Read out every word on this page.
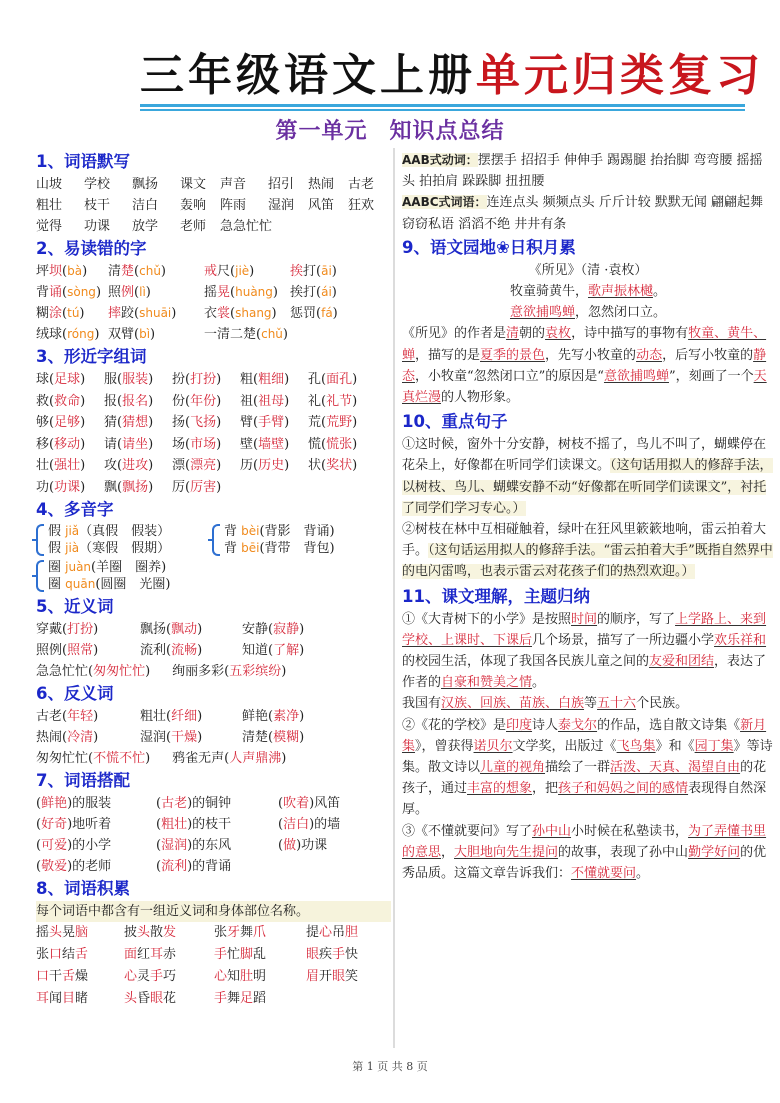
三年级语文上册单元归类复习
第一单元 知识点总结
1、词语默写
山坡	学校	飘扬	课文	声音	招引	热闹	古老
粗壮	枝干	洁白	轰响	阵雨	湿润	风笛	狂欢
觉得	功课	放学	老师	急急忙忙
2、易读错的字
坪坝(bà)	清楚(chǔ)	戒尺(jiè)	挨打(āi)
背诵(sòng) 照例(lì)	摇晃(huàng) 挨打(ái)
糊涂(tú)	摔跤(shuāi)	衣裳(shang)	惩罚(fá)
绒球(róng) 双臂(bì)	一清二楚(chǔ)
3、形近字组词
球(足球)	服(服装)	扮(打扮)	粗(粗细)	孔(面孔)
救(救命)	报(报名)	份(年份)	祖(祖母)	礼(礼节)
够(足够)	猜(猜想)	扬(飞扬)	臂(手臂)	荒(荒野)
移(移动)	请(请坐)	场(市场)	壁(墙壁)	慌(慌张)
壮(强壮)	攻(进攻)	漂(漂亮)	历(历史)	状(奖状)
功(功课)	飘(飘扬)	厉(厉害)
4、多音字
假 jiǎ（真假　假装）
假 jià（寒假　假期）
背 bèi(背影　背诵)
背 bēi(背带　背包)
圈 juàn(羊圈　圈养)
圈 quān(圆圈　光圈)
5、近义词
穿戴(打扮)	飘扬(飘动)	安静(寂静)
照例(照常)	流利(流畅)	知道(了解)
急急忙忙(匆匆忙忙) 绚丽多彩(五彩缤纷)
6、反义词
古老(年轻)	粗壮(纤细)	鲜艳(素净)
热闹(冷清)	湿润(干燥)	清楚(模糊)
匆匆忙忙(不慌不忙) 鸦雀无声(人声鼎沸)
7、词语搭配
(鲜艳)的服装	(古老)的铜钟	(吹着)风笛
(好奇)地听着	(粗壮)的枝干	(洁白)的墙
(可爱)的小学	(湿润)的东风	(做)功课
(敬爱)的老师	(流利)的背诵
8、词语积累
每个词语中都含有一组近义词和身体部位名称。
摇头晃脑	披头散发	张牙舞爪	提心吊胆
张口结舌	面红耳赤	手忙脚乱	眼疾手快
口干舌燥	心灵手巧	心知肚明	眉开眼笑
耳闻目睹	头昏眼花	手舞足蹈
AAB式动词：摆摆手 招招手 伸伸手 踢踢腿 抬抬脚 弯弯腰 摇摇头 拍拍肩 跺跺脚 扭扭腰
AABC式词语：连连点头 频频点头 斤斤计较 默默无闻 翩翩起舞 窃窃私语 滔滔不绝 井井有条
9、语文园地❀日积月累
《所见》（清 ·袁枚）
牧童骑黄牛，歌声振林樾。
意欲捕鸣蝉，忽然闭口立。
《所见》的作者是清朝的袁枚，诗中描写的事物有牧童、黄牛、蝉，描写的是夏季的景色，先写小牧童的动态，后写小牧童的静态，小牧童“忽然闭口立”的原因是“意欲捕鸣蝉”，刻画了一个天真烂漫的人物形象。
10、重点句子
①这时候，窗外十分安静，树枝不摇了，鸟儿不叫了，蝴蝶停在花朵上，好像都在听同学们读课文。（这句话用拟人的修辞手法，以树枝、鸟儿、蝴蝶安静不动“好像都在听同学们读课文”，衬托了同学们学习专心。）
②树枝在林中互相碰触着，绿叶在狂风里簌簌地响，雷云拍着大手。（这句话运用拟人的修辞手法。“雷云拍着大手”既指自然界中的电闪雷鸣，也表示雷云对花孩子们的热烈欢迎。）
11、课文理解，主题归纳
①《大青树下的小学》是按照时间的顺序，写了上学路上、来到学校、上课时、下课后几个场景，描写了一所边疆小学欢乐祥和的校园生活，体现了我国各民族儿童之间的友爱和团结，表达了作者的自豪和赞美之情。
我国有汉族、回族、苗族、白族等五十六个民族。
②《花的学校》是印度诗人泰戈尔的作品，选自散文诗集《新月集》，曾获得诺贝尔文学奖，出版过《飞鸟集》和《园丁集》等诗集。散文诗以儿童的视角描绘了一群活泼、天真、渴望自由的花孩子，通过丰富的想象，把孩子和妈妈之间的感情表现得自然深厚。
③《不懂就要问》写了孙中山小时候在私塾读书，为了弄懂书里的意思，大胆地向先生提问的故事，表现了孙中山勤学好问的优秀品质。这篇文章告诉我们：不懂就要问。
第 1 页 共 8 页
